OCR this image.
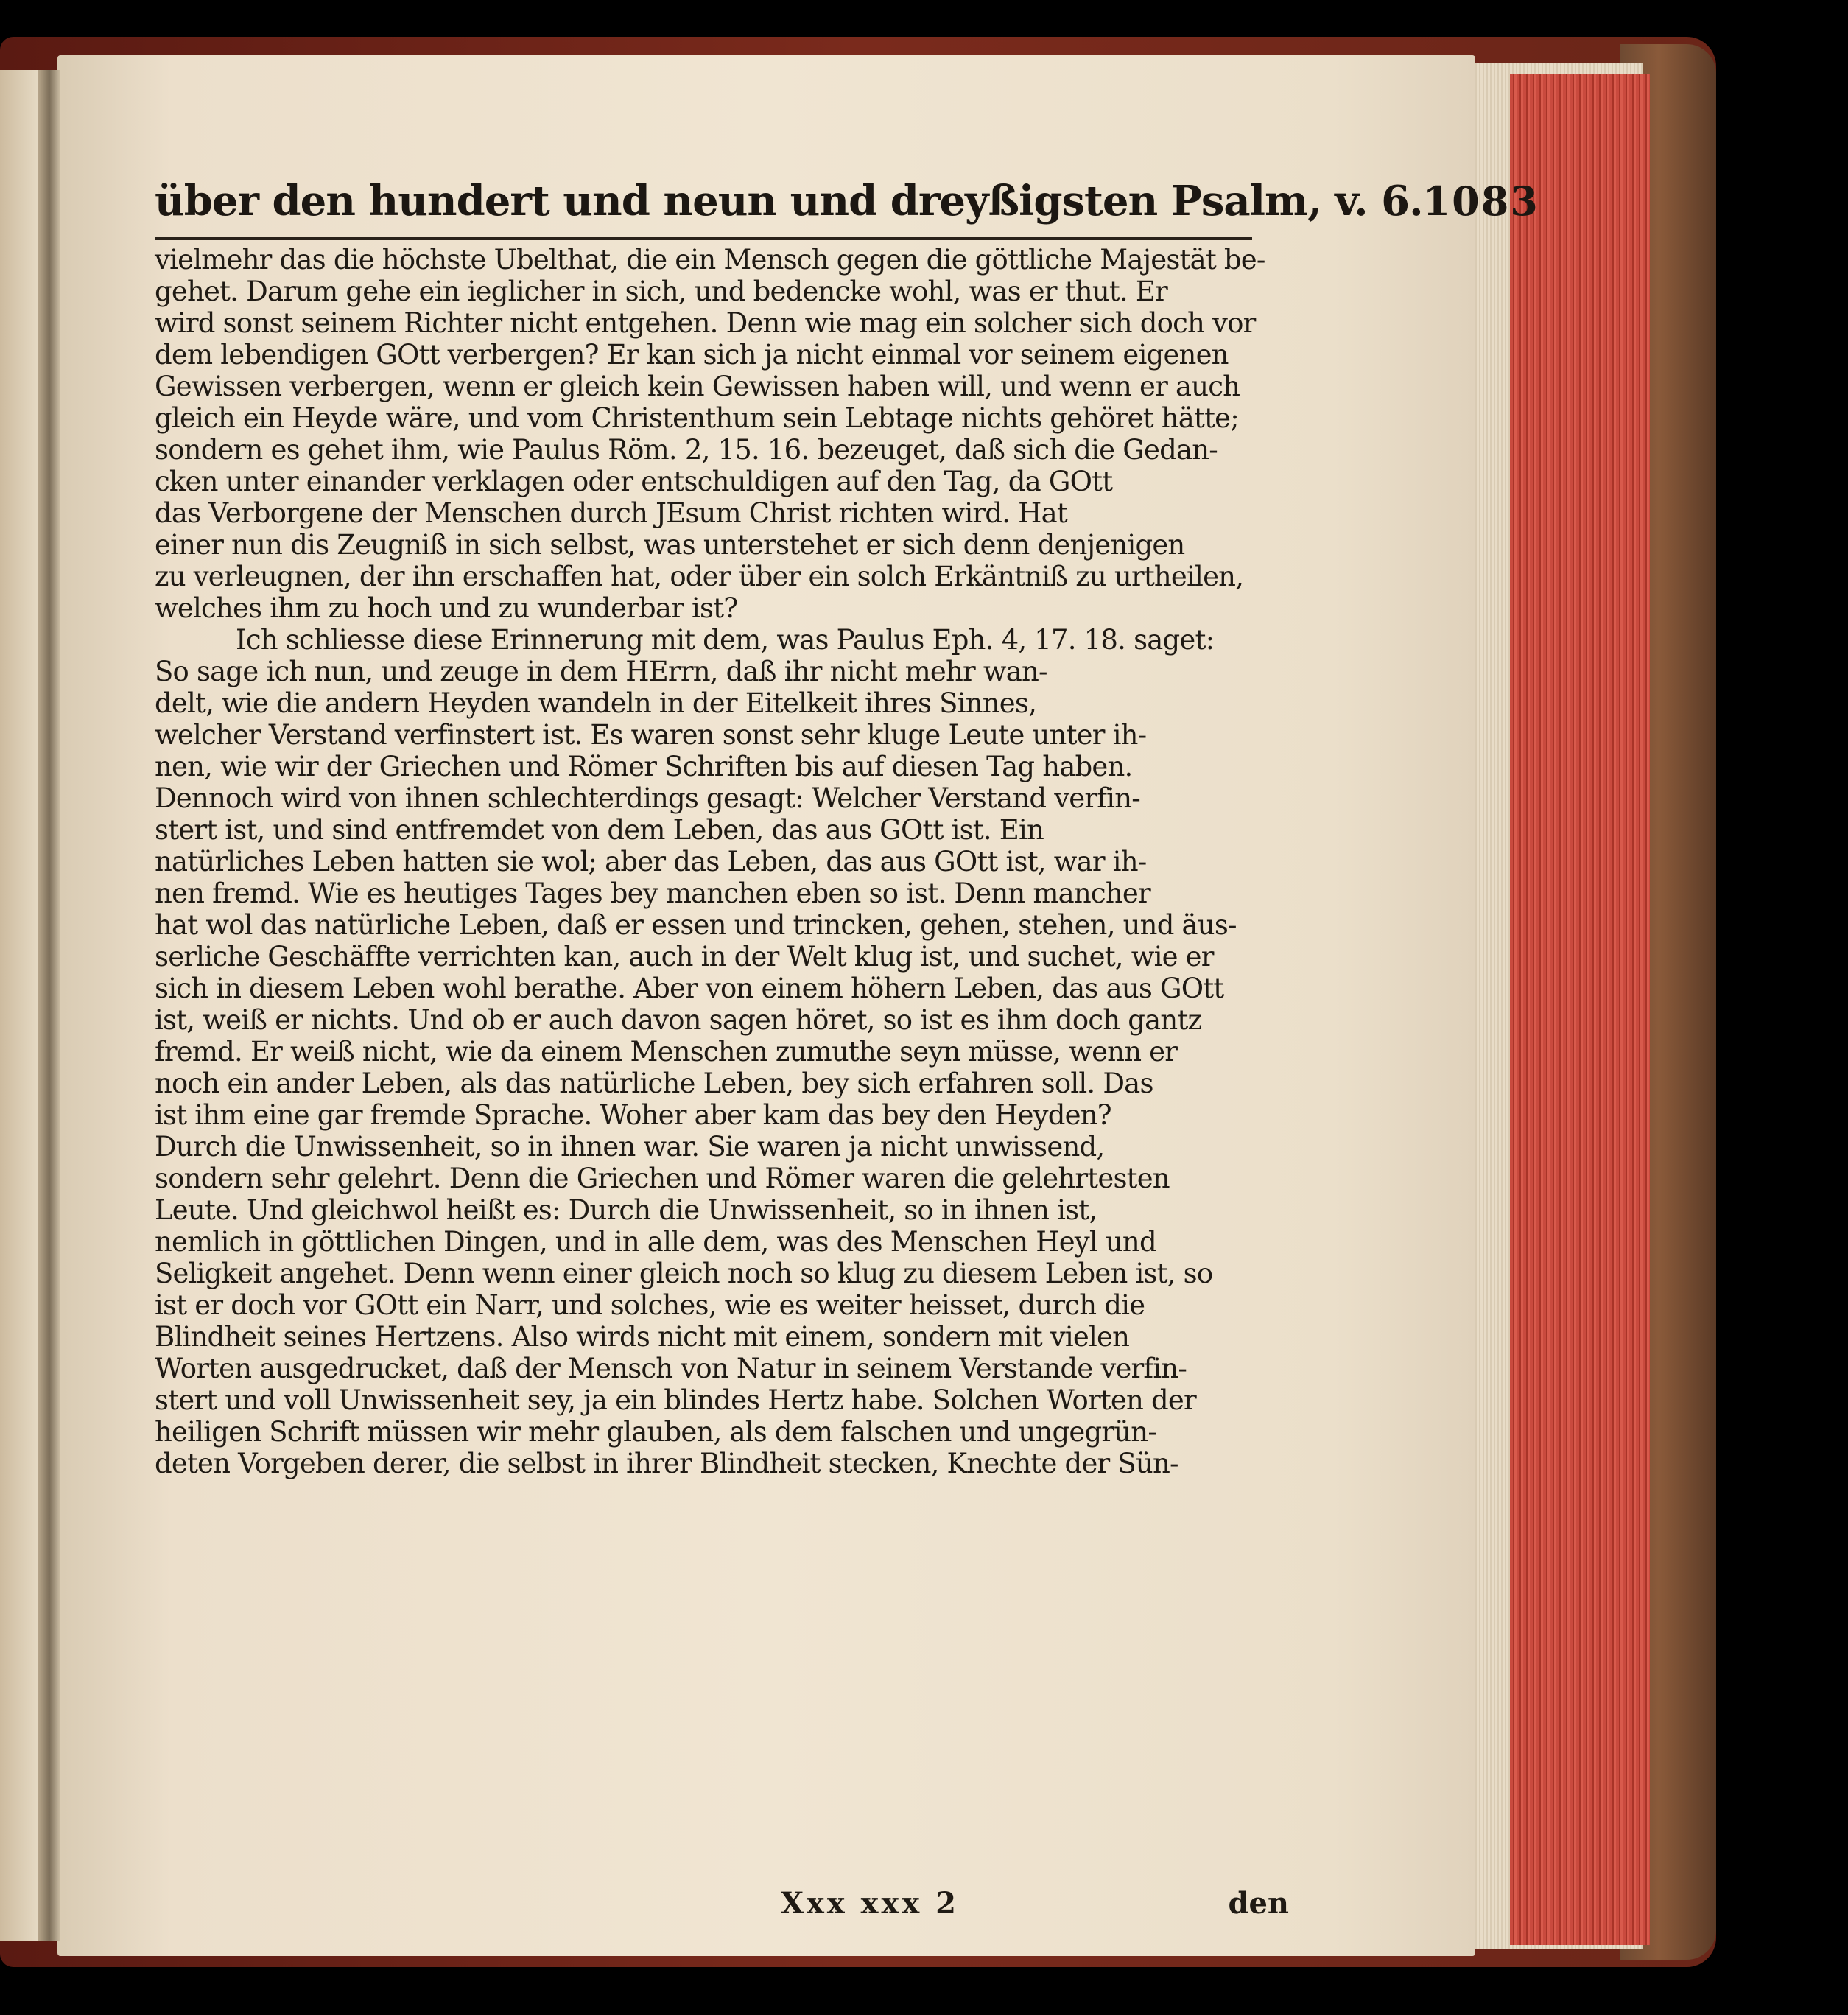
über den hundert und neun und dreyßigsten Psalm, v. 6. 1083
vielmehr das die höchste Ubelthat, die ein Mensch gegen die göttliche Majestät be-
gehet. Darum gehe ein ieglicher in sich, und bedencke wohl, was er thut. Er
wird sonst seinem Richter nicht entgehen. Denn wie mag ein solcher sich doch vor
dem lebendigen GOtt verbergen? Er kan sich ja nicht einmal vor seinem eigenen
Gewissen verbergen, wenn er gleich kein Gewissen haben will, und wenn er auch
gleich ein Heyde wäre, und vom Christenthum sein Lebtage nichts gehöret hätte;
sondern es gehet ihm, wie Paulus Röm. 2, 15. 16. bezeuget, daß sich die Gedan-
cken unter einander verklagen oder entschuldigen auf den Tag, da GOtt
das Verborgene der Menschen durch JEsum Christ richten wird. Hat
einer nun dis Zeugniß in sich selbst, was unterstehet er sich denn denjenigen
zu verleugnen, der ihn erschaffen hat, oder über ein solch Erkäntniß zu urtheilen,
welches ihm zu hoch und zu wunderbar ist?
Ich schliesse diese Erinnerung mit dem, was Paulus Eph. 4, 17. 18. saget:
So sage ich nun, und zeuge in dem HErrn, daß ihr nicht mehr wan-
delt, wie die andern Heyden wandeln in der Eitelkeit ihres Sinnes,
welcher Verstand verfinstert ist. Es waren sonst sehr kluge Leute unter ih-
nen, wie wir der Griechen und Römer Schriften bis auf diesen Tag haben.
Dennoch wird von ihnen schlechterdings gesagt: Welcher Verstand verfin-
stert ist, und sind entfremdet von dem Leben, das aus GOtt ist. Ein
natürliches Leben hatten sie wol; aber das Leben, das aus GOtt ist, war ih-
nen fremd. Wie es heutiges Tages bey manchen eben so ist. Denn mancher
hat wol das natürliche Leben, daß er essen und trincken, gehen, stehen, und äus-
serliche Geschäffte verrichten kan, auch in der Welt klug ist, und suchet, wie er
sich in diesem Leben wohl berathe. Aber von einem höhern Leben, das aus GOtt
ist, weiß er nichts. Und ob er auch davon sagen höret, so ist es ihm doch gantz
fremd. Er weiß nicht, wie da einem Menschen zumuthe seyn müsse, wenn er
noch ein ander Leben, als das natürliche Leben, bey sich erfahren soll. Das
ist ihm eine gar fremde Sprache. Woher aber kam das bey den Heyden?
Durch die Unwissenheit, so in ihnen war. Sie waren ja nicht unwissend,
sondern sehr gelehrt. Denn die Griechen und Römer waren die gelehrtesten
Leute. Und gleichwol heißt es: Durch die Unwissenheit, so in ihnen ist,
nemlich in göttlichen Dingen, und in alle dem, was des Menschen Heyl und
Seligkeit angehet. Denn wenn einer gleich noch so klug zu diesem Leben ist, so
ist er doch vor GOtt ein Narr, und solches, wie es weiter heisset, durch die
Blindheit seines Hertzens. Also wirds nicht mit einem, sondern mit vielen
Worten ausgedrucket, daß der Mensch von Natur in seinem Verstande verfin-
stert und voll Unwissenheit sey, ja ein blindes Hertz habe. Solchen Worten der
heiligen Schrift müssen wir mehr glauben, als dem falschen und ungegrün-
deten Vorgeben derer, die selbst in ihrer Blindheit stecken, Knechte der Sün-
Xxx xxx 2	den
